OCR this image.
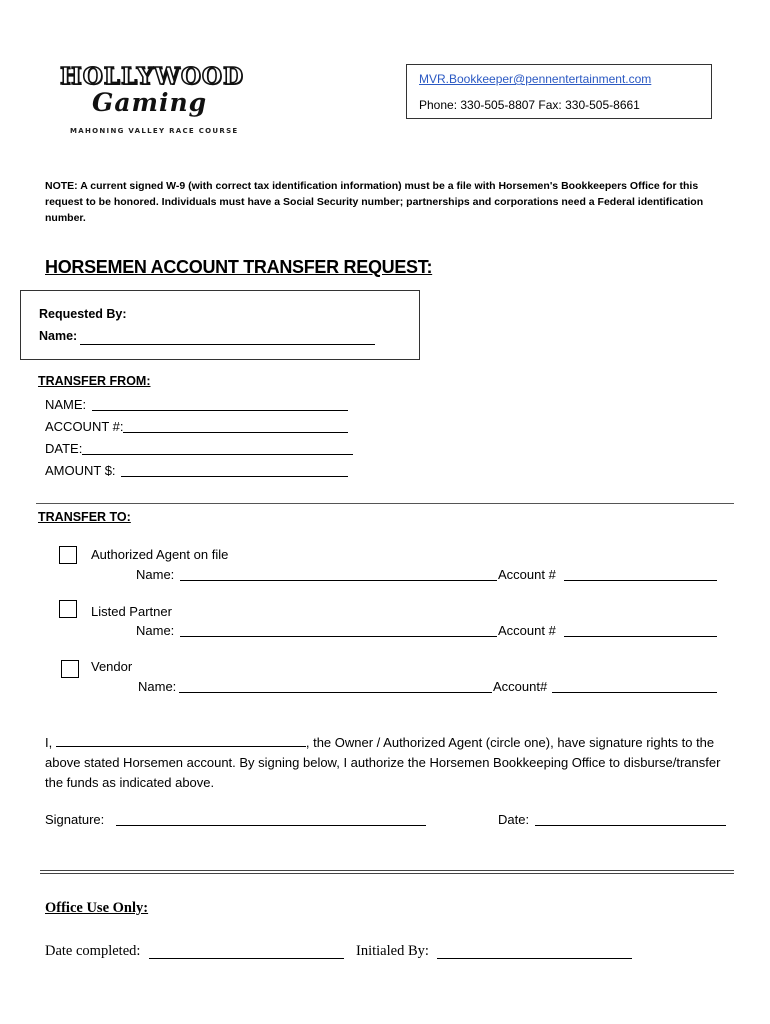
HOLLYWOOD
Gaming
MAHONING VALLEY RACE COURSE
MVR.Bookkeeper@pennentertainment.com
Phone: 330-505-8807 Fax: 330-505-8661
NOTE: A current signed W-9 (with correct tax identification information) must be a file with Horsemen's Bookkeepers Office for this request to be honored. Individuals must have a Social Security number; partnerships and corporations need a Federal identification number.
HORSEMEN ACCOUNT TRANSFER REQUEST:
Requested By:
Name:
TRANSFER FROM:
NAME:
ACCOUNT #:
DATE:
AMOUNT $:
TRANSFER TO:
Authorized Agent on file
Name:	Account #
Listed Partner
Name:	Account #
Vendor
Name:	Account#
I,	, the Owner / Authorized Agent (circle one), have signature rights to the above stated Horsemen account. By signing below, I authorize the Horsemen Bookkeeping Office to disburse/transfer the funds as indicated above.
Signature:	Date:
Office Use Only:
Date completed:	Initialed By:
